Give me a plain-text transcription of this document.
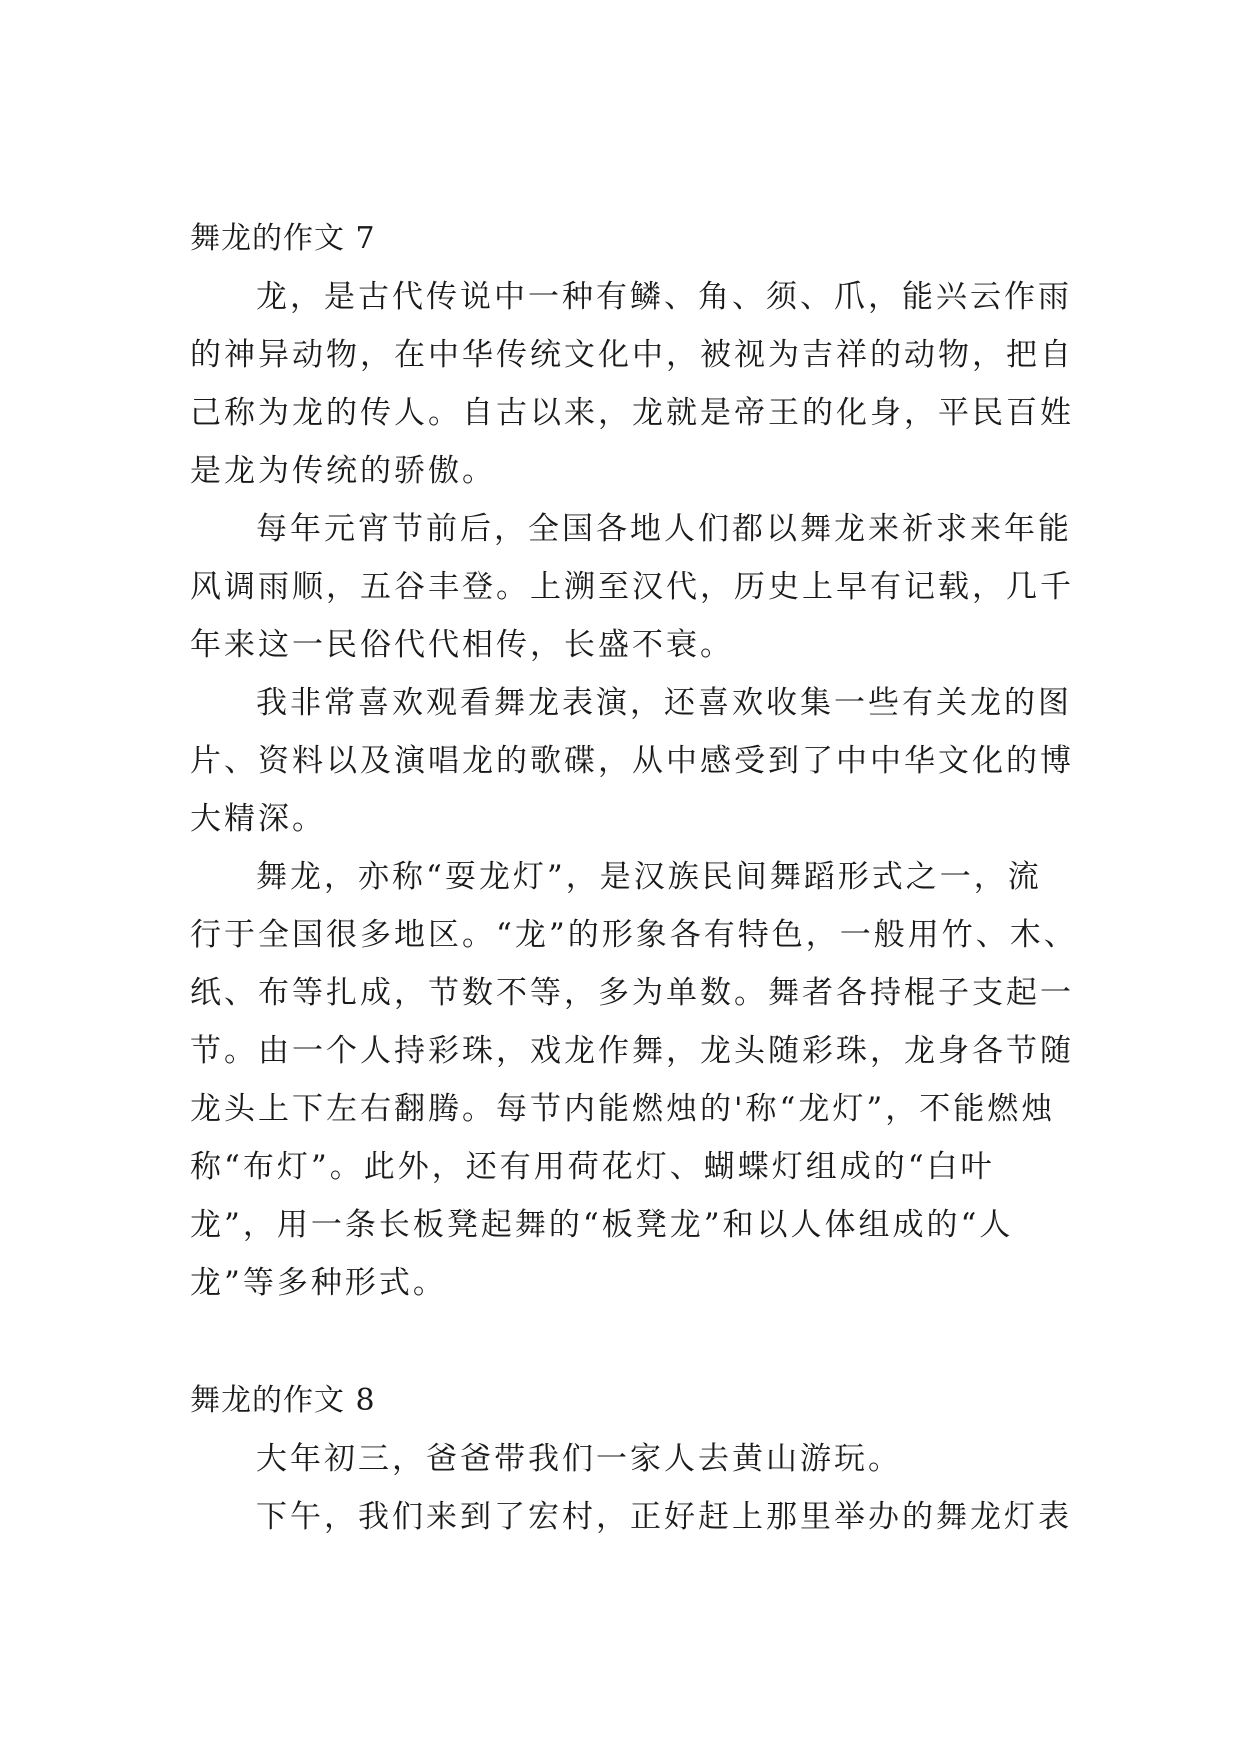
舞龙的作文 7
龙，是古代传说中一种有鳞、角、须、爪，能兴云作雨
的神异动物，在中华传统文化中，被视为吉祥的动物，把自
己称为龙的传人。自古以来，龙就是帝王的化身，平民百姓
是龙为传统的骄傲。
每年元宵节前后，全国各地人们都以舞龙来祈求来年能
风调雨顺，五谷丰登。上溯至汉代，历史上早有记载，几千
年来这一民俗代代相传，长盛不衰。
我非常喜欢观看舞龙表演，还喜欢收集一些有关龙的图
片、资料以及演唱龙的歌碟，从中感受到了中中华文化的博
大精深。
舞龙，亦称“耍龙灯”，是汉族民间舞蹈形式之一，流
行于全国很多地区。“龙”的形象各有特色，一般用竹、木、
纸、布等扎成，节数不等，多为单数。舞者各持棍子支起一
节。由一个人持彩珠，戏龙作舞，龙头随彩珠，龙身各节随
龙头上下左右翻腾。每节内能燃烛的'称“龙灯”，不能燃烛
称“布灯”。此外，还有用荷花灯、蝴蝶灯组成的“白叶
龙”，用一条长板凳起舞的“板凳龙”和以人体组成的“人
龙”等多种形式。
舞龙的作文 8
大年初三，爸爸带我们一家人去黄山游玩。
下午，我们来到了宏村，正好赶上那里举办的舞龙灯表
